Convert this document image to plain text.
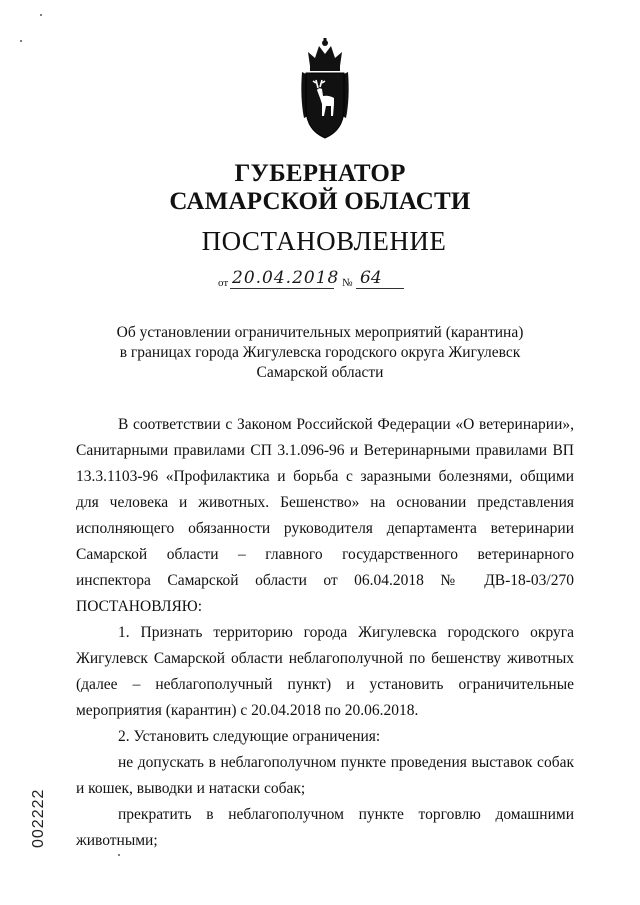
ГУБЕРНАТОР
САМАРСКОЙ ОБЛАСТИ
ПОСТАНОВЛЕНИЕ
от 20.04.2018 № 64
Об установлении ограничительных мероприятий (карантина)
в границах города Жигулевска городского округа Жигулевск
Самарской области

В соответствии с Законом Российской Федерации «О ветеринарии», Санитарными правилами СП 3.1.096-96 и Ветеринарными правилами ВП 13.3.1103-96 «Профилактика и борьба с заразными болезнями, общими для человека и животных. Бешенство» на основании представления исполняющего обязанности руководителя департамента ветеринарии Самарской области – главного государственного ветеринарного инспектора Самарской области от 06.04.2018 № ДВ-18-03/270 ПОСТАНОВЛЯЮ:

1. Признать территорию города Жигулевска городского округа Жигулевск Самарской области неблагополучной по бешенству животных (далее – неблагополучный пункт) и установить ограничительные мероприятия (карантин) с 20.04.2018 по 20.06.2018.

2. Установить следующие ограничения:

не допускать в неблагополучном пункте проведения выставок собак и кошек, выводки и натаски собак;

прекратить в неблагополучном пункте торговлю домашними животными;

002222
